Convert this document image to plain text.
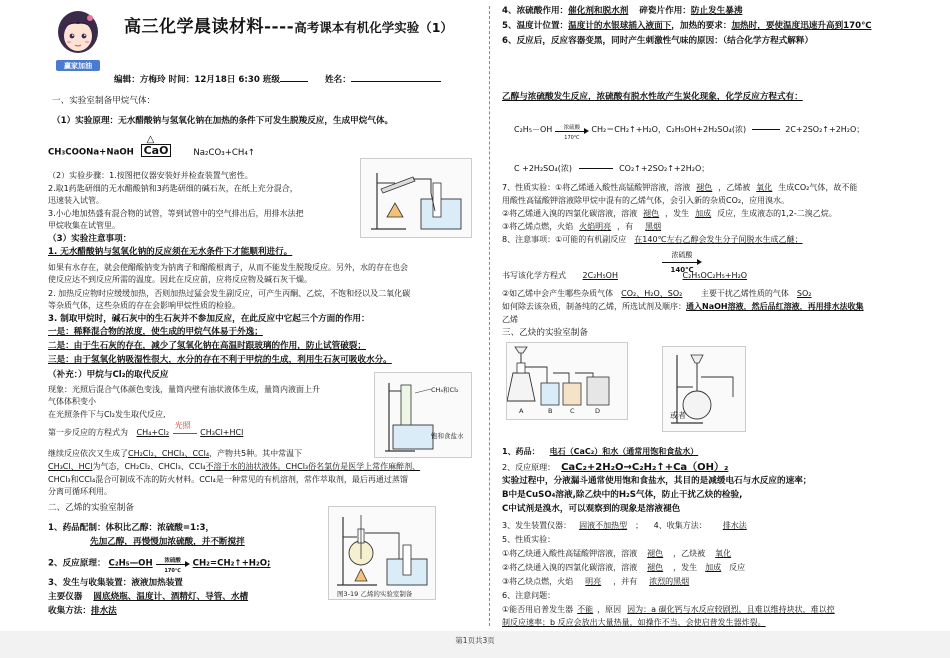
赢家加油
高三化学晨读材料----高考课本有机化学实验（1）
编辑：方梅玲 时间：12月18日 6:30 班级	姓名：
一、实验室制备甲烷气体：
（1）实验原理：无水醋酸钠与氢氧化钠在加热的条件下可发生脱羧反应，生成甲烷气体。
CH₃COONa+NaOH
△
CaO	Na₂CO₃+CH₄↑
（2）实验步骤：1.按图把仪器安装好并检查装置气密性。
2.取1药匙研细的无水醋酸钠和3药匙研细的碱石灰，在纸上充分混合，
迅速装入试管。
3.小心地加热盛有混合物的试管，等到试管中的空气排出后，用排水法把
甲烷收集在试管里。
（3）实验注意事项：
1. 无水醋酸钠与氢氧化钠的反应须在无水条件下才能顺利进行。
如果有水存在，就会使醋酸钠变为钠离子和醋酸根离子，从而不能发生脱羧反应。另外，水的存在也会
使反应达不到反应所需的温度。因此在反应前，应将反应物及碱石灰干燥。
2. 加热反应物时应缓缓加热，否则加热过猛会发生副反应，可产生丙酮、乙烷，不饱和烃以及二氧化碳
等杂质气体，这些杂质的存在会影响甲烷性质的检验。
3. 制取甲烷时，碱石灰中的生石灰并不参加反应，在此反应中它起三个方面的作用：
一是：稀释混合物的浓度，使生成的甲烷气体易于外逸；
二是：由于生石灰的存在，减少了氢氧化钠在高温时跟玻璃的作用，防止试管破裂；
三是：由于氢氧化钠吸湿性很大，水分的存在不利于甲烷的生成，利用生石灰可吸收水分。
（补充：）甲烷与Cl₂的取代反应
现象：光照后混合气体颜色变浅，量筒内壁有油状液体生成，量筒内液面上升
气体体积变小
在光照条件下与Cl₂发生取代反应,
第一步反应的方程式为 CH₄+Cl₂
光照
CH₃Cl+HCl
CH₄和Cl₂
饱和食盐水
继续反应依次又生成了CH₂Cl₂、CHCl₃、CCl₄，产物共5种。其中常温下
CH₃Cl、HCl为气态，CH₂Cl₂、CHCl₃、CCl₄不溶于水的油状液体。CHCl₃俗名氯仿是医学上常作麻醉剂、
CHCl₃和CCl₄混合可制成不冻的防火材料。CCl₄是一种常见的有机溶剂，常作萃取剂，最后再通过蒸馏
分离可循环利用。
二、乙烯的实验室制备
1、药品配制：体积比乙醇：浓硫酸=1:3，
先加乙醇，再慢慢加浓硫酸，并不断搅拌
2、反应原理： C₂H₅—OH	浓硫酸
170℃
CH₂=CH₂↑+H₂O;
3、发生与收集装置：液液加热装置
主要仪器 圆底烧瓶、温度计、酒精灯、导管、水槽
收集方法：排水法
图3-19 乙烯的实验室制备
4、浓硫酸作用：催化剂和脱水剂 碎瓷片作用：防止发生暴沸
5、温度计位置：温度计的水银球插入液面下，加热的要求：加热时，要使温度迅速升高到170℃
6、反应后，反应容器变黑，同时产生刺激性气味的原因：（结合化学方程式解释）
乙醇与浓硫酸发生反应，浓硫酸有脱水性故产生炭化现象，化学反应方程式有：
C₂H₅－OH	浓硫酸
170℃
CH₂＝CH₂↑+H₂O，C₂H₅OH+2H₂SO₄(浓)	2C+2SO₂↑+2H₂O；
C +2H₂SO₄(浓)	CO₂↑+2SO₂↑+2H₂O；
7、性质实验：①将乙烯通入酸性高锰酸钾溶液，溶液 褪色 ，乙烯被 氧化 生成CO₂气体，故不能
用酸性高锰酸钾溶液除甲烷中混有的乙烯气体，会引入新的杂质CO₂，应用溴水。
②将乙烯通入溴的四氯化碳溶液，溶液 褪色 ，发生 加成 反应，生成液态的1,2-二溴乙烷。
③将乙烯点燃，火焰 火焰明亮 ，有 黑烟
8、注意事项：①可能的有机副反应 在140℃左右乙醇会发生分子间脱水生成乙醚；
浓硫酸
140℃
书写该化学方程式 2C₂H₅OH	C₂H₅OC₂H₅+H₂O
②如乙烯中会产生哪些杂质气体 CO₂、H₂O、SO₂ 主要干扰乙烯性质的气体 SO₂
如何除去该杂质，制备纯的乙烯，所选试剂及顺序：通入NaOH溶液，然后品红溶液，再用排水法收集
乙烯
三、乙炔的实验室制备
A	B	C	D	或者
1、药品： 电石（CaC₂）和水（通常用饱和食盐水）
2、反应原理： CaC₂+2H₂O→C₂H₂↑+Ca（OH）₂
实验过程中，分液漏斗通常使用饱和食盐水，其目的是减缓电石与水反应的速率；
B中是CuSO₄溶液,除乙炔中的H₂S气体，防止干扰乙炔的检验,
C中试剂是溴水，可以观察到的现象是溶液褪色
3、发生装置仪器： 固液不加热型 ； 4、收集方法： 排水法
5、性质实验：
①将乙炔通入酸性高锰酸钾溶液，溶液 褪色 ，乙炔被 氧化
②将乙炔通入溴的四氯化碳溶液，溶液 褪色 ，发生 加成 反应
③将乙炔点燃，火焰 明亮 ，并有 浓烈的黑烟
6、注意问题：
①能否用启普发生器 不能 ，原因 因为：a 碳化钙与水反应较剧烈，且难以维持块状，难以控
制反应速率；b 反应会放出大量热量，如操作不当，会使启普发生器炸裂。
第1页共3页
